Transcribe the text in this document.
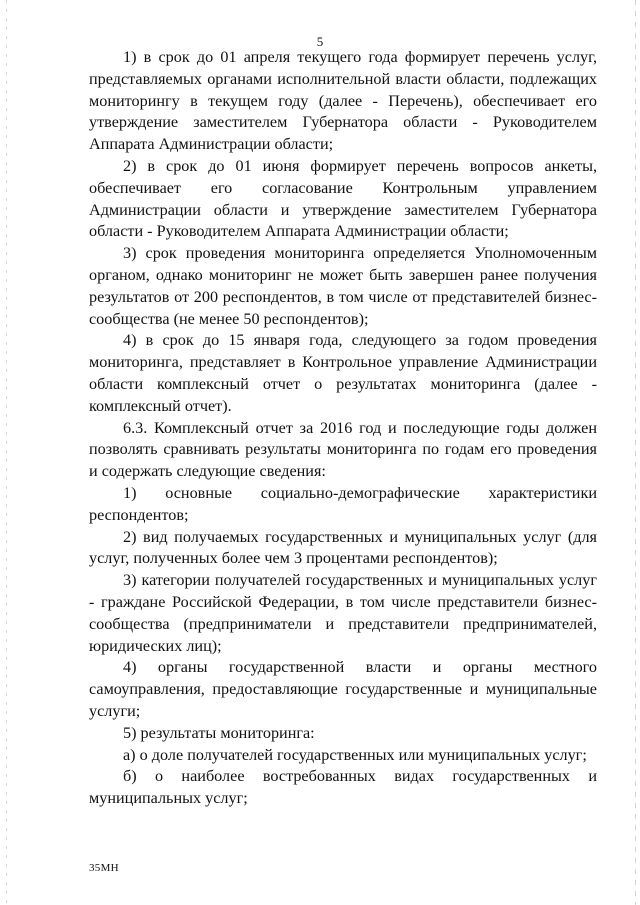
5

1) в срок до 01 апреля текущего года формирует перечень услуг, представляемых органами исполнительной власти области, подлежащих мониторингу в текущем году (далее - Перечень), обеспечивает его утверждение заместителем Губернатора области - Руководителем Аппарата Администрации области;

2) в срок до 01 июня формирует перечень вопросов анкеты, обеспечивает его согласование Контрольным управлением Администрации области и утверждение заместителем Губернатора области - Руководителем Аппарата Администрации области;

3) срок проведения мониторинга определяется Уполномоченным органом, однако мониторинг не может быть завершен ранее получения результатов от 200 респондентов, в том числе от представителей бизнес-сообщества (не менее 50 респондентов);

4) в срок до 15 января года, следующего за годом проведения мониторинга, представляет в Контрольное управление Администрации области комплексный отчет о результатах мониторинга (далее - комплексный отчет).

6.3. Комплексный отчет за 2016 год и последующие годы должен позволять сравнивать результаты мониторинга по годам его проведения и содержать следующие сведения:

1) основные социально-демографические характеристики респондентов;

2) вид получаемых государственных и муниципальных услуг (для услуг, полученных более чем 3 процентами респондентов);

3) категории получателей государственных и муниципальных услуг - граждане Российской Федерации, в том числе представители бизнес-сообщества (предприниматели и представители предпринимателей, юридических лиц);

4) органы государственной власти и органы местного самоуправления, предоставляющие государственные и муниципальные услуги;

5) результаты мониторинга:

а) о доле получателей государственных или муниципальных услуг;

б) о наиболее востребованных видах государственных и муниципальных услуг;

35МН
